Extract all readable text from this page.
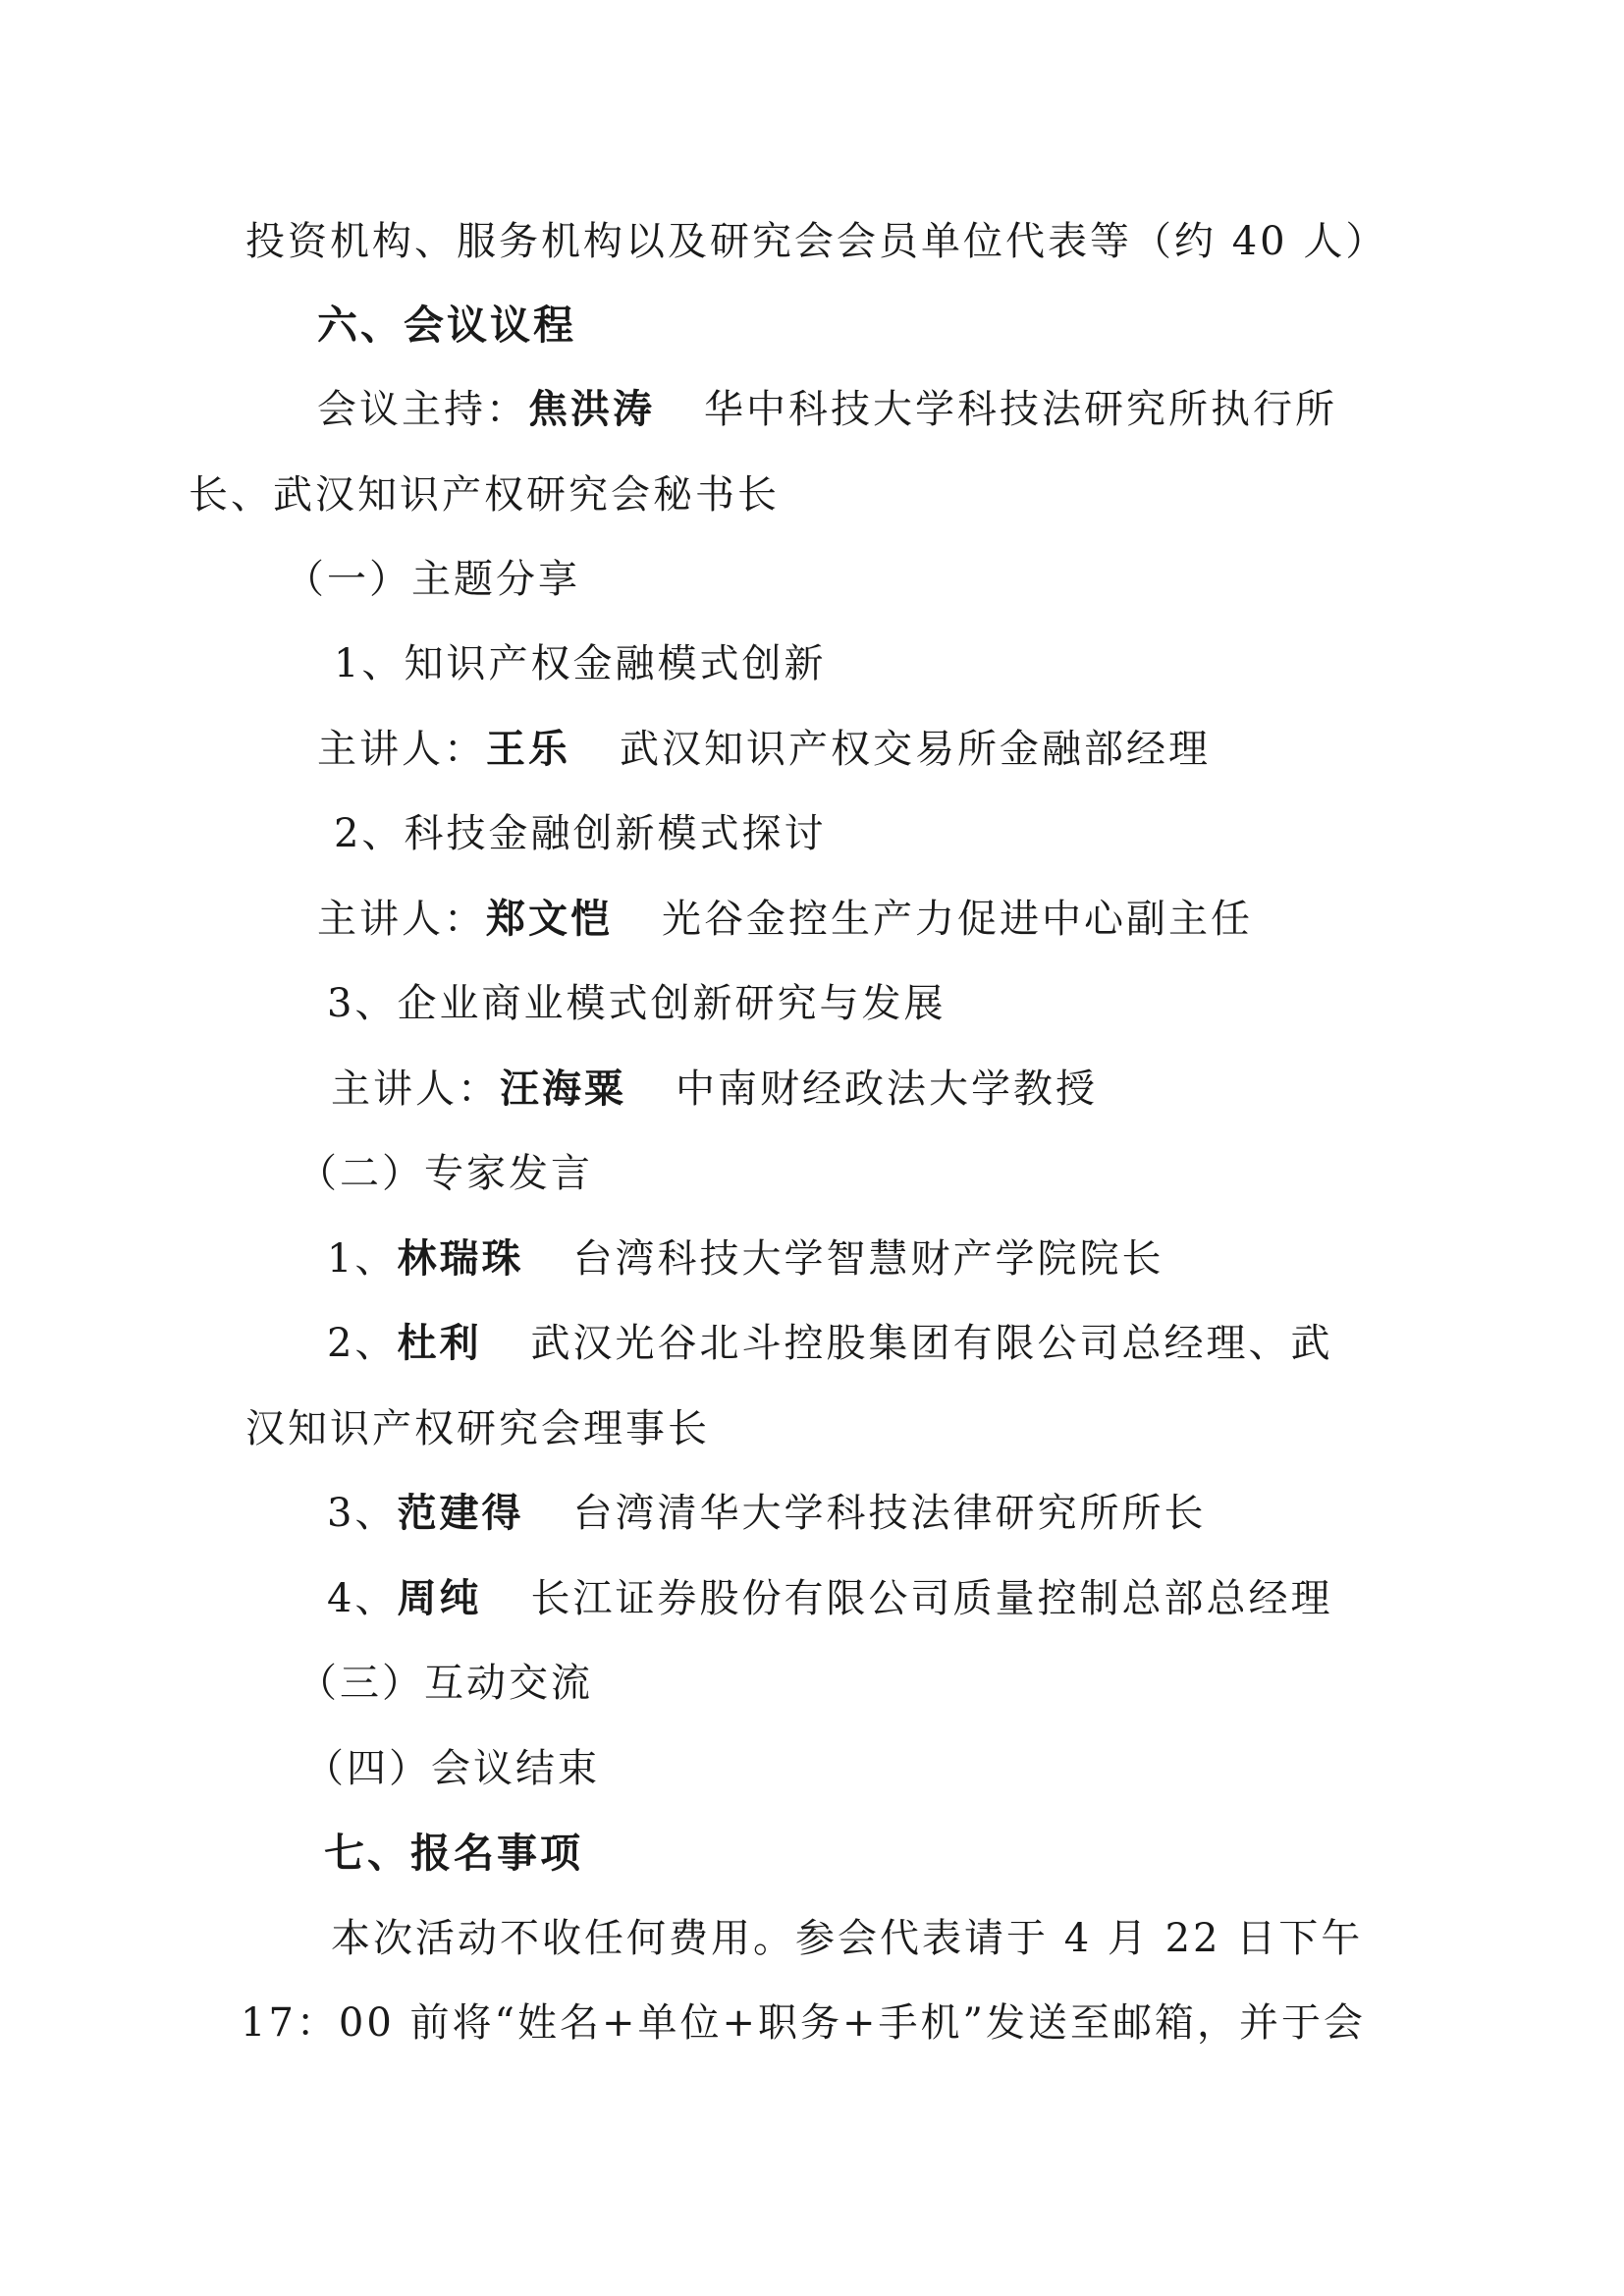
投资机构、服务机构以及研究会会员单位代表等（约 40 人）
六、会议议程
会议主持：焦洪涛 华中科技大学科技法研究所执行所
长、武汉知识产权研究会秘书长
（一）主题分享
1、知识产权金融模式创新
主讲人：王乐 武汉知识产权交易所金融部经理
2、科技金融创新模式探讨
主讲人：郑文恺 光谷金控生产力促进中心副主任
3、企业商业模式创新研究与发展
主讲人：汪海粟 中南财经政法大学教授
（二）专家发言
1、林瑞珠 台湾科技大学智慧财产学院院长
2、杜利 武汉光谷北斗控股集团有限公司总经理、武
汉知识产权研究会理事长
3、范建得 台湾清华大学科技法律研究所所长
4、周纯 长江证券股份有限公司质量控制总部总经理
（三）互动交流
（四）会议结束
七、报名事项
本次活动不收任何费用。参会代表请于 4 月 22 日下午
17：00 前将“姓名+单位+职务+手机”发送至邮箱，并于会
